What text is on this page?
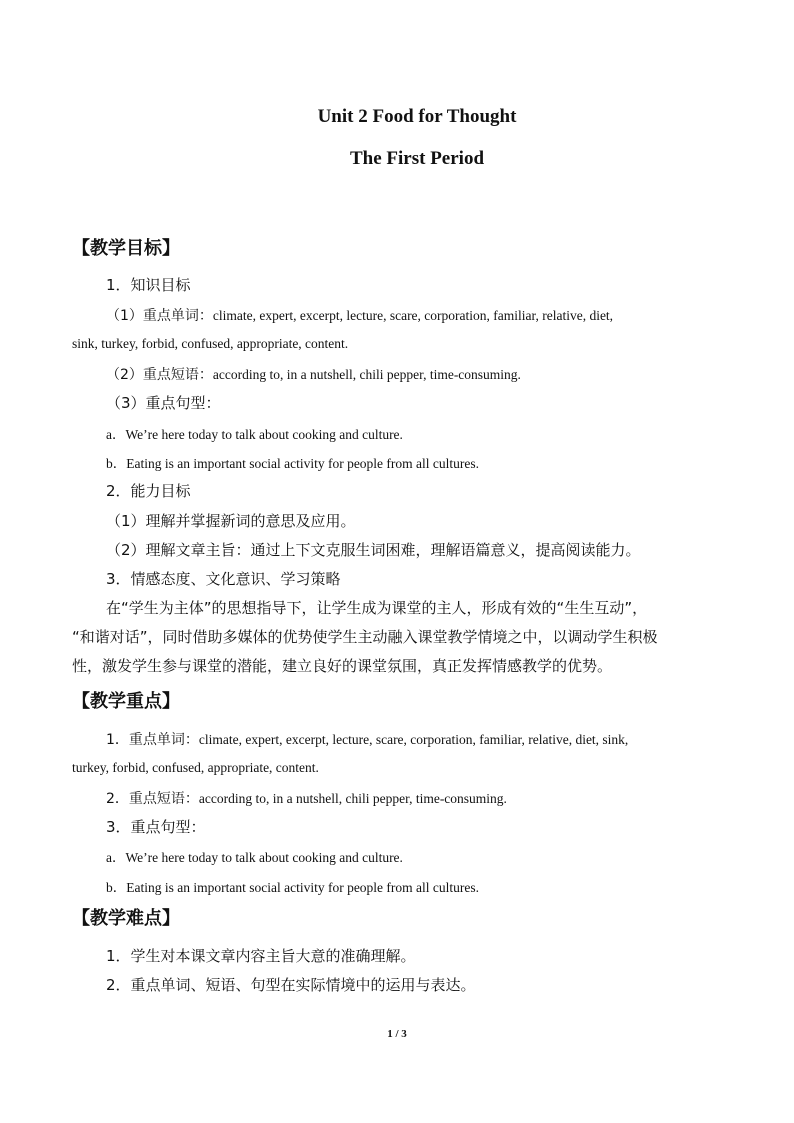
Unit 2 Food for Thought
The First Period
【教学目标】
1．知识目标
（1）重点单词：climate, expert, excerpt, lecture, scare, corporation, familiar, relative, diet,
sink, turkey, forbid, confused, appropriate, content.
（2）重点短语：according to, in a nutshell, chili pepper, time-consuming.
（3）重点句型：
a．We’re here today to talk about cooking and culture.
b．Eating is an important social activity for people from all cultures.
2．能力目标
（1）理解并掌握新词的意思及应用。
（2）理解文章主旨：通过上下文克服生词困难，理解语篇意义，提高阅读能力。
3．情感态度、文化意识、学习策略
在“学生为主体”的思想指导下，让学生成为课堂的主人，形成有效的“生生互动”，
“和谐对话”，同时借助多媒体的优势使学生主动融入课堂教学情境之中，以调动学生积极
性，激发学生参与课堂的潜能，建立良好的课堂氛围，真正发挥情感教学的优势。
【教学重点】
1．重点单词：climate, expert, excerpt, lecture, scare, corporation, familiar, relative, diet, sink,
turkey, forbid, confused, appropriate, content.
2．重点短语：according to, in a nutshell, chili pepper, time-consuming.
3．重点句型：
a．We’re here today to talk about cooking and culture.
b．Eating is an important social activity for people from all cultures.
【教学难点】
1．学生对本课文章内容主旨大意的准确理解。
2．重点单词、短语、句型在实际情境中的运用与表达。
1 / 3
